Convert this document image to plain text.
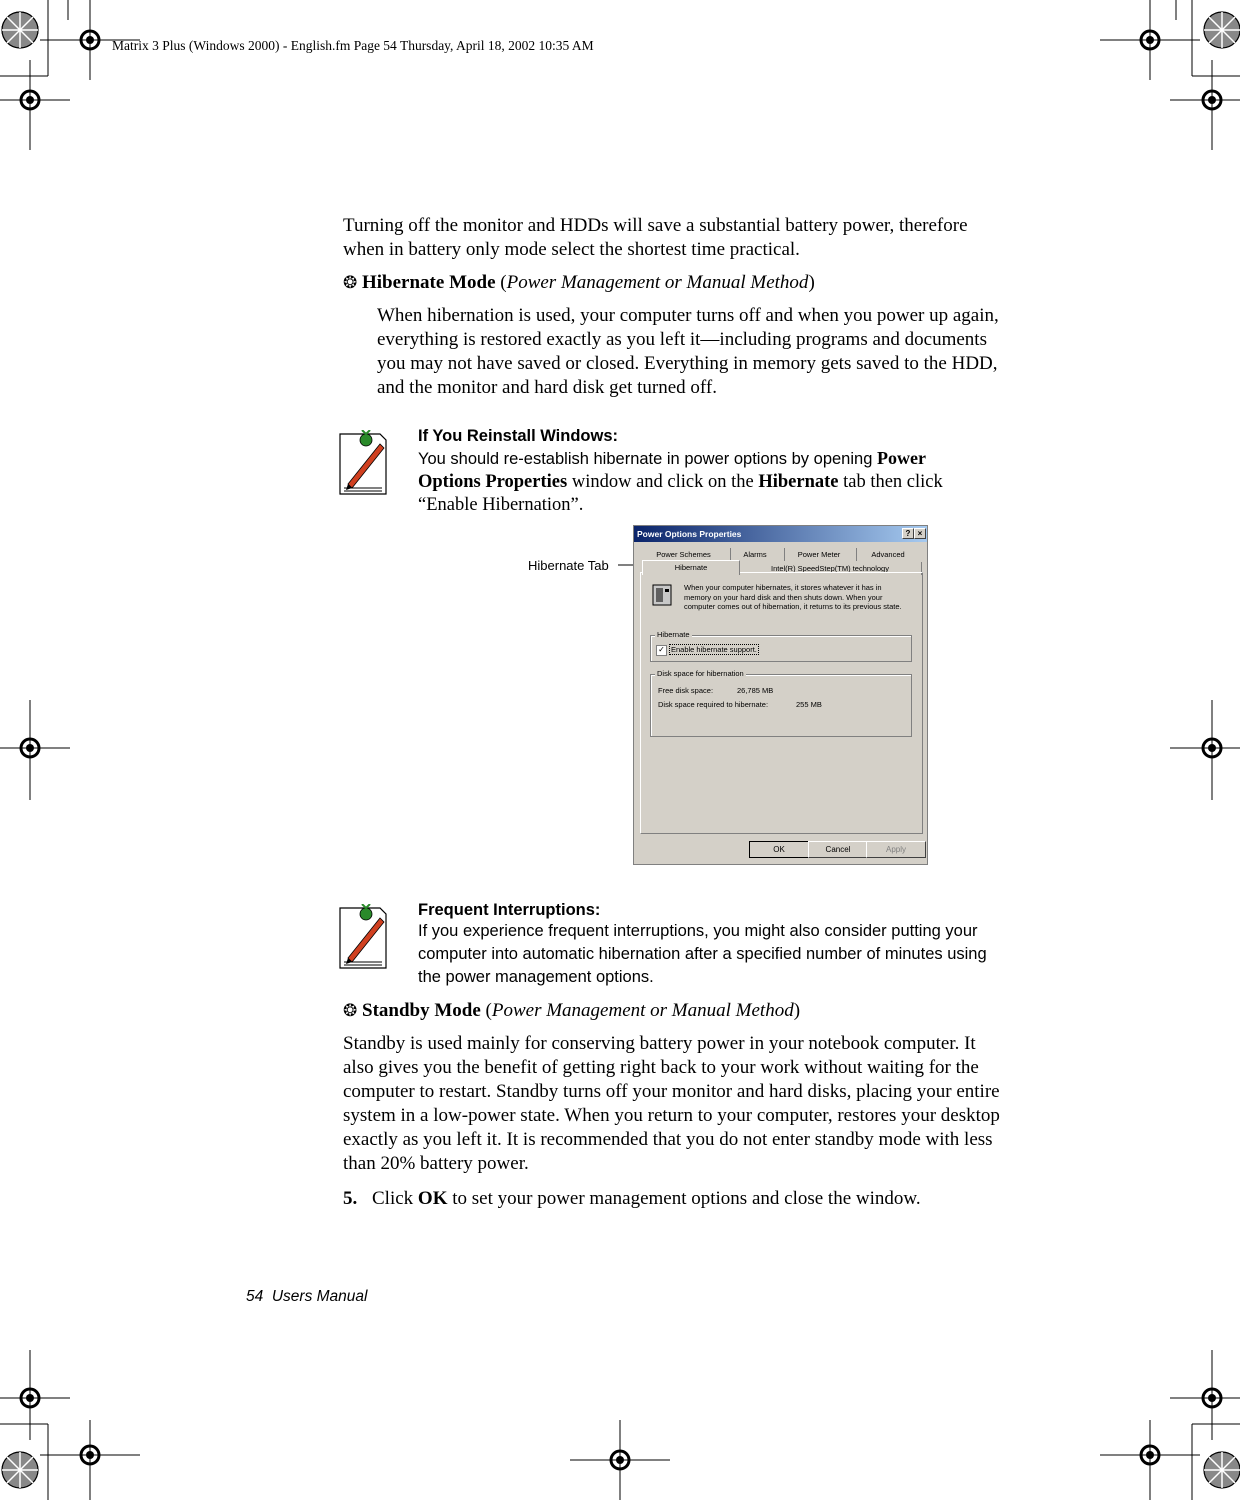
Matrix 3 Plus (Windows 2000) - English.fm Page 54 Thursday, April 18, 2002 10:35 AM
Turning off the monitor and HDDs will save a substantial battery power, therefore
when in battery only mode select the shortest time practical.
❂ Hibernate Mode (Power Management or Manual Method)
When hibernation is used, your computer turns off and when you power up again,
everything is restored exactly as you left it—including programs and documents
you may not have saved or closed. Everything in memory gets saved to the HDD,
and the monitor and hard disk get turned off.
If You Reinstall Windows:
You should re-establish hibernate in power options by opening Power
Options Properties window and click on the Hibernate tab then click
“Enable Hibernation”.
Hibernate Tab
Power Options Properties	? ×
Power Schemes	Alarms	Power Meter	Advanced
Hibernate	Intel(R) SpeedStep(TM) technology
When your computer hibernates, it stores whatever it has in
memory on your hard disk and then shuts down. When your
computer comes out of hibernation, it returns to its previous state.
Hibernate
✓ Enable hibernate support.
Disk space for hibernation
Free disk space:	26,785 MB
Disk space required to hibernate:	255 MB
OK	Cancel	Apply
Frequent Interruptions:
If you experience frequent interruptions, you might also consider putting your
computer into automatic hibernation after a specified number of minutes using
the power management options.
❂ Standby Mode (Power Management or Manual Method)
Standby is used mainly for conserving battery power in your notebook computer. It
also gives you the benefit of getting right back to your work without waiting for the
computer to restart. Standby turns off your monitor and hard disks, placing your entire
system in a low-power state. When you return to your computer, restores your desktop
exactly as you left it. It is recommended that you do not enter standby mode with less
than 20% battery power.
5. Click OK to set your power management options and close the window.
54  Users Manual
